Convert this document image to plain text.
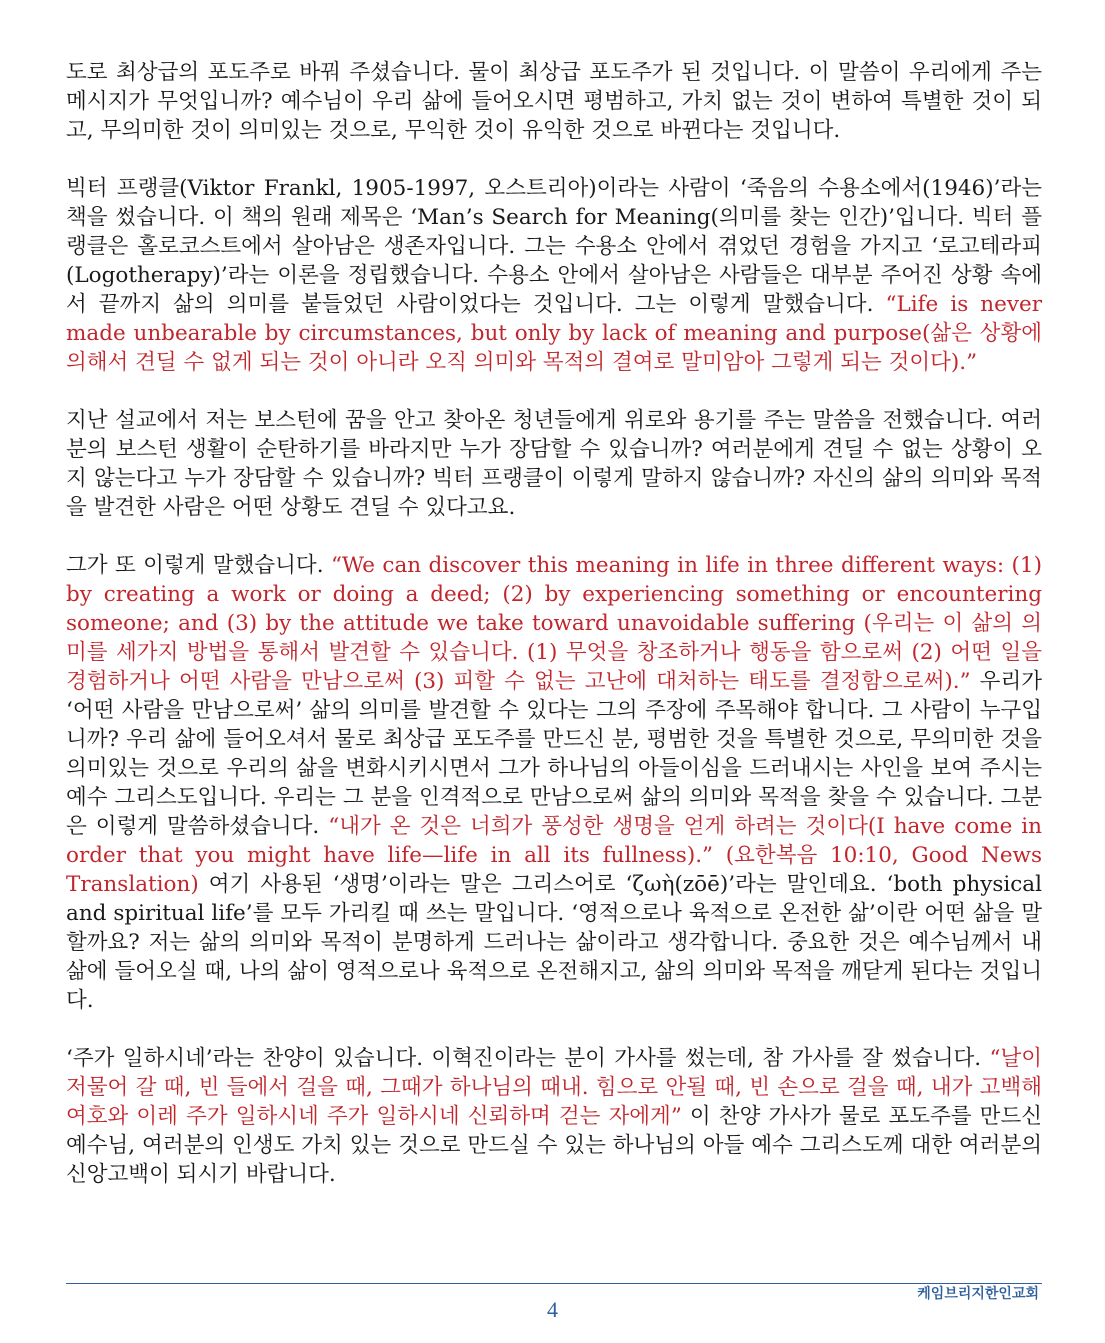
도로 최상급의 포도주로 바꿔 주셨습니다. 물이 최상급 포도주가 된 것입니다. 이 말씀이 우리에게 주는 메시지가 무엇입니까? 예수님이 우리 삶에 들어오시면 평범하고, 가치 없는 것이 변하여 특별한 것이 되고, 무의미한 것이 의미있는 것으로, 무익한 것이 유익한 것으로 바뀐다는 것입니다.

빅터 프랭클(Viktor Frankl, 1905-1997, 오스트리아)이라는 사람이 ‘죽음의 수용소에서(1946)’라는 책을 썼습니다. 이 책의 원래 제목은 ‘Man’s Search for Meaning(의미를 찾는 인간)’입니다. 빅터 플랭클은 홀로코스트에서 살아남은 생존자입니다. 그는 수용소 안에서 겪었던 경험을 가지고 ‘로고테라피(Logotherapy)’라는 이론을 정립했습니다. 수용소 안에서 살아남은 사람들은 대부분 주어진 상황 속에서 끝까지 삶의 의미를 붙들었던 사람이었다는 것입니다. 그는 이렇게 말했습니다. “Life is never made unbearable by circumstances, but only by lack of meaning and purpose(삶은 상황에 의해서 견딜 수 없게 되는 것이 아니라 오직 의미와 목적의 결여로 말미암아 그렇게 되는 것이다).”

지난 설교에서 저는 보스턴에 꿈을 안고 찾아온 청년들에게 위로와 용기를 주는 말씀을 전했습니다. 여러분의 보스턴 생활이 순탄하기를 바라지만 누가 장담할 수 있습니까? 여러분에게 견딜 수 없는 상황이 오지 않는다고 누가 장담할 수 있습니까? 빅터 프랭클이 이렇게 말하지 않습니까? 자신의 삶의 의미와 목적을 발견한 사람은 어떤 상황도 견딜 수 있다고요.

그가 또 이렇게 말했습니다. “We can discover this meaning in life in three different ways: (1) by creating a work or doing a deed; (2) by experiencing something or encountering someone; and (3) by the attitude we take toward unavoidable suffering (우리는 이 삶의 의미를 세가지 방법을 통해서 발견할 수 있습니다. (1) 무엇을 창조하거나 행동을 함으로써 (2) 어떤 일을 경험하거나 어떤 사람을 만남으로써 (3) 피할 수 없는 고난에 대처하는 태도를 결정함으로써).” 우리가 ‘어떤 사람을 만남으로써’ 삶의 의미를 발견할 수 있다는 그의 주장에 주목해야 합니다. 그 사람이 누구입니까? 우리 삶에 들어오셔서 물로 최상급 포도주를 만드신 분, 평범한 것을 특별한 것으로, 무의미한 것을 의미있는 것으로 우리의 삶을 변화시키시면서 그가 하나님의 아들이심을 드러내시는 사인을 보여 주시는 예수 그리스도입니다. 우리는 그 분을 인격적으로 만남으로써 삶의 의미와 목적을 찾을 수 있습니다. 그분은 이렇게 말씀하셨습니다. “내가 온 것은 너희가 풍성한 생명을 얻게 하려는 것이다(I have come in order that you might have life—life in all its fullness).” (요한복음 10:10, Good News Translation) 여기 사용된 ‘생명’이라는 말은 그리스어로 ‘ζωὴ(zōē)’라는 말인데요. ‘both physical and spiritual life’를 모두 가리킬 때 쓰는 말입니다. ‘영적으로나 육적으로 온전한 삶’이란 어떤 삶을 말할까요? 저는 삶의 의미와 목적이 분명하게 드러나는 삶이라고 생각합니다. 중요한 것은 예수님께서 내 삶에 들어오실 때, 나의 삶이 영적으로나 육적으로 온전해지고, 삶의 의미와 목적을 깨닫게 된다는 것입니다.

‘주가 일하시네’라는 찬양이 있습니다. 이혁진이라는 분이 가사를 썼는데, 참 가사를 잘 썼습니다. “날이 저물어 갈 때, 빈 들에서 걸을 때, 그때가 하나님의 때내. 힘으로 안될 때, 빈 손으로 걸을 때, 내가 고백해 여호와 이레 주가 일하시네 주가 일하시네 신뢰하며 걷는 자에게” 이 찬양 가사가 물로 포도주를 만드신 예수님, 여러분의 인생도 가치 있는 것으로 만드실 수 있는 하나님의 아들 예수 그리스도께 대한 여러분의 신앙고백이 되시기 바랍니다.

4
케임브리지한인교회
